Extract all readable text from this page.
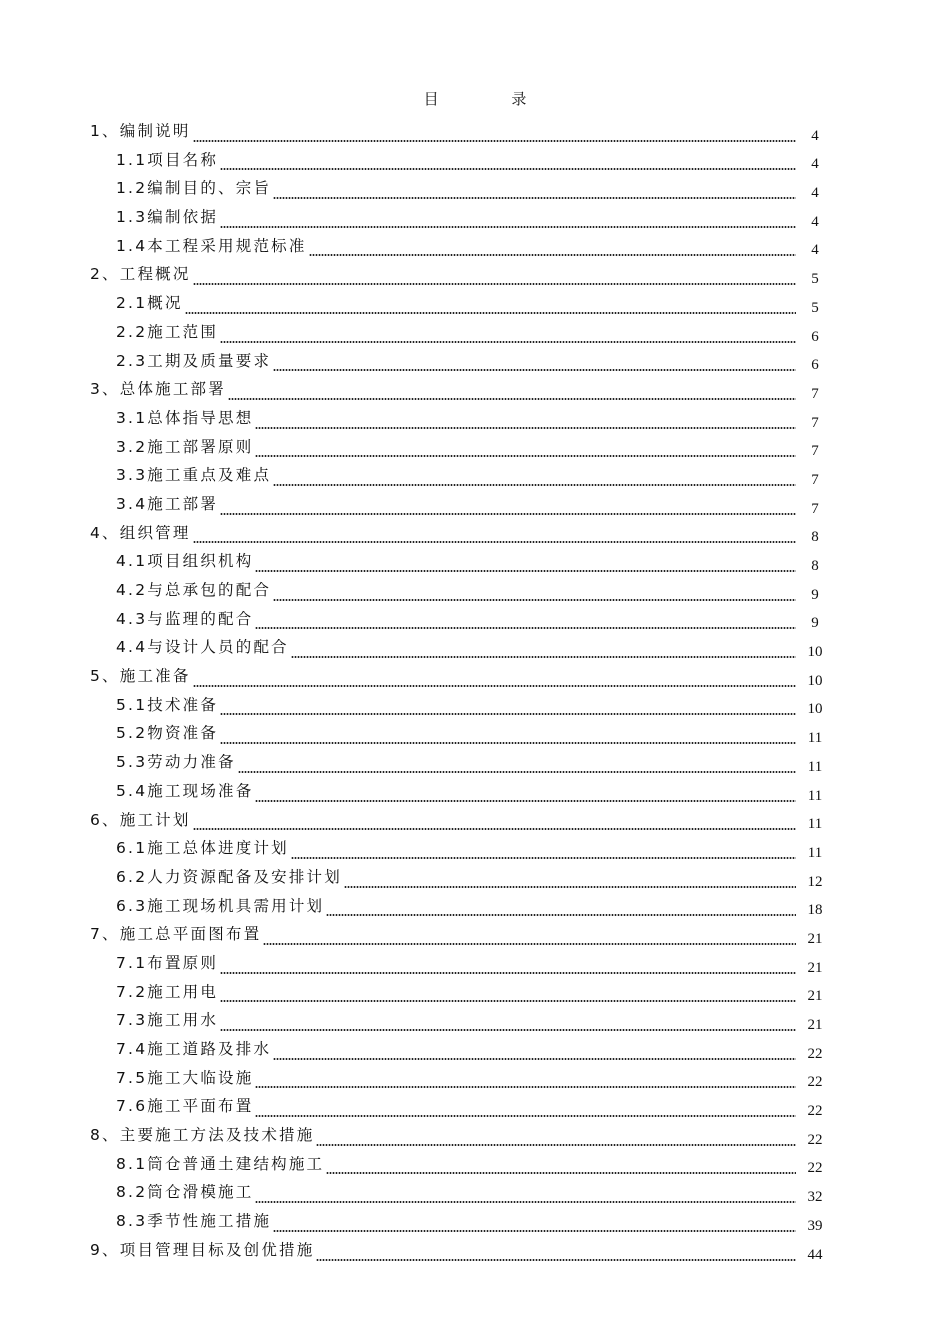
目 录
1、编制说明	4
1.1项目名称	4
1.2编制目的、宗旨	4
1.3编制依据	4
1.4本工程采用规范标准	4
2、工程概况	5
2.1概况	5
2.2施工范围	6
2.3工期及质量要求	6
3、总体施工部署	7
3.1总体指导思想	7
3.2施工部署原则	7
3.3施工重点及难点	7
3.4施工部署	7
4、组织管理	8
4.1项目组织机构	8
4.2与总承包的配合	9
4.3与监理的配合	9
4.4与设计人员的配合	10
5、施工准备	10
5.1技术准备	10
5.2物资准备	11
5.3劳动力准备	11
5.4施工现场准备	11
6、施工计划	11
6.1施工总体进度计划	11
6.2人力资源配备及安排计划	12
6.3施工现场机具需用计划	18
7、施工总平面图布置	21
7.1布置原则	21
7.2施工用电	21
7.3施工用水	21
7.4施工道路及排水	22
7.5施工大临设施	22
7.6施工平面布置	22
8、主要施工方法及技术措施	22
8.1筒仓普通土建结构施工	22
8.2筒仓滑模施工	32
8.3季节性施工措施	39
9、项目管理目标及创优措施	44
